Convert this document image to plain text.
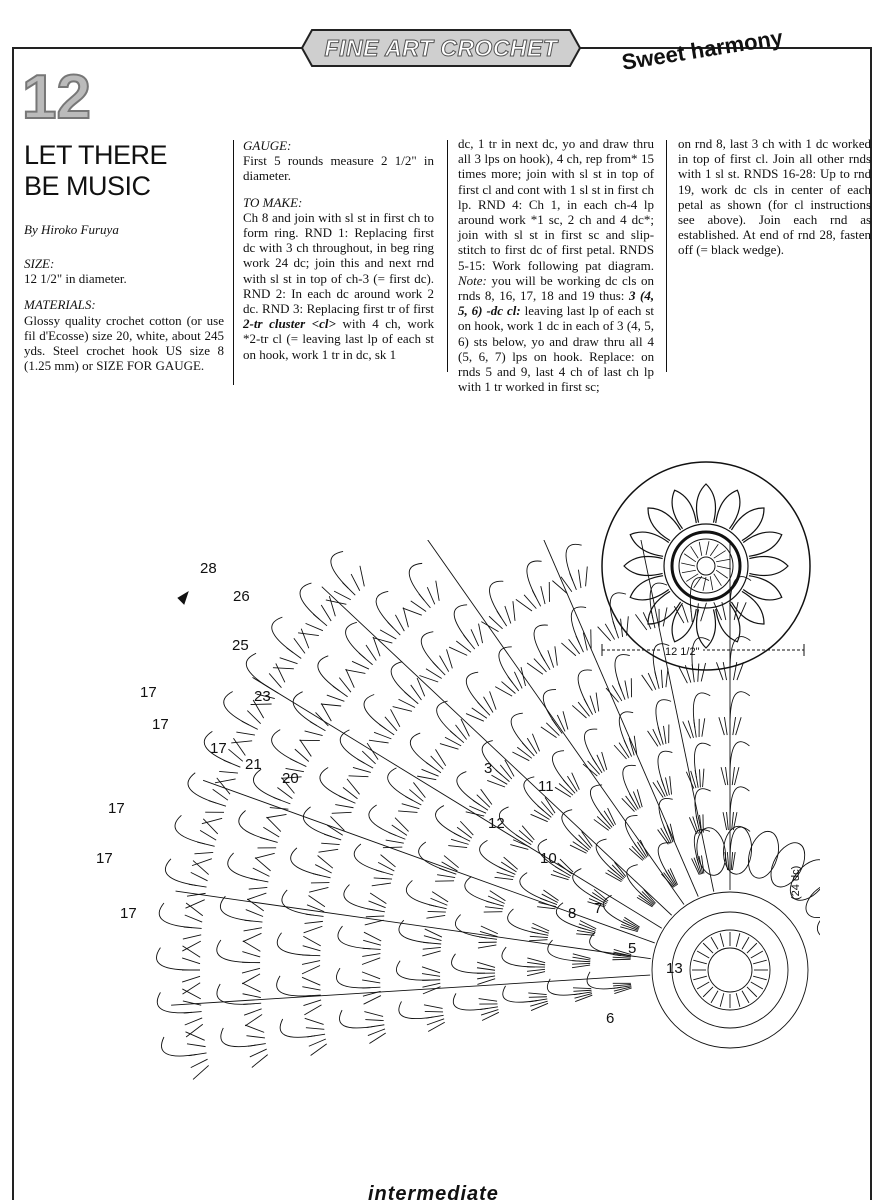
FINE ART CROCHET	Sweet harmony
12
LET THERE
BE MUSIC
By Hiroko Furuya
SIZE:
12 1/2" in diameter.
MATERIALS:
Glossy quality crochet cotton (or use fil d'Ecosse) size 20, white, about 245 yds. Steel crochet hook US size 8 (1.25 mm) or SIZE FOR GAUGE.
GAUGE:
First 5 rounds measure 2 1/2" in diameter.
TO MAKE:
Ch 8 and join with sl st in first ch to form ring. RND 1: Replacing first dc with 3 ch throughout, in beg ring work 24 dc; join this and next rnd with sl st in top of ch-3 (= first dc). RND 2: In each dc around work 2 dc. RND 3: Replacing first tr of first 2-tr cluster <cl> with 4 ch, work *2-tr cl (= leaving last lp of each st on hook, work 1 tr in dc, sk 1
dc, 1 tr in next dc, yo and draw thru all 3 lps on hook), 4 ch, rep from* 15 times more; join with sl st in top of first cl and cont with 1 sl st in first ch lp. RND 4: Ch 1, in each ch-4 lp around work *1 sc, 2 ch and 4 dc*; join with sl st in first sc and slip-stitch to first dc of first petal. RNDS 5-15: Work following pat diagram. Note: you will be working dc cls on rnds 8, 16, 17, 18 and 19 thus: 3 (4, 5, 6) -dc cl: leaving last lp of each st on hook, work 1 dc in each of 3 (4, 5, 6) sts below, yo and draw thru all 4 (5, 6, 7) lps on hook. Replace: on rnds 5 and 9, last 4 ch of last ch lp with 1 tr worked in first sc;
on rnd 8, last 3 ch with 1 dc worked in top of first cl. Join all other rnds with 1 sl st. RNDS 16-28: Up to rnd 19, work dc cls in center of each petal as shown (for cl instructions see above). Join each rnd as established. At end of rnd 28, fasten off (= black wedge).
12 1/2"
(24 dc)
28
26
25
23
21
20
17
17
17
17
17
17
13
12
11
10
8 7
6
5
3
intermediate
